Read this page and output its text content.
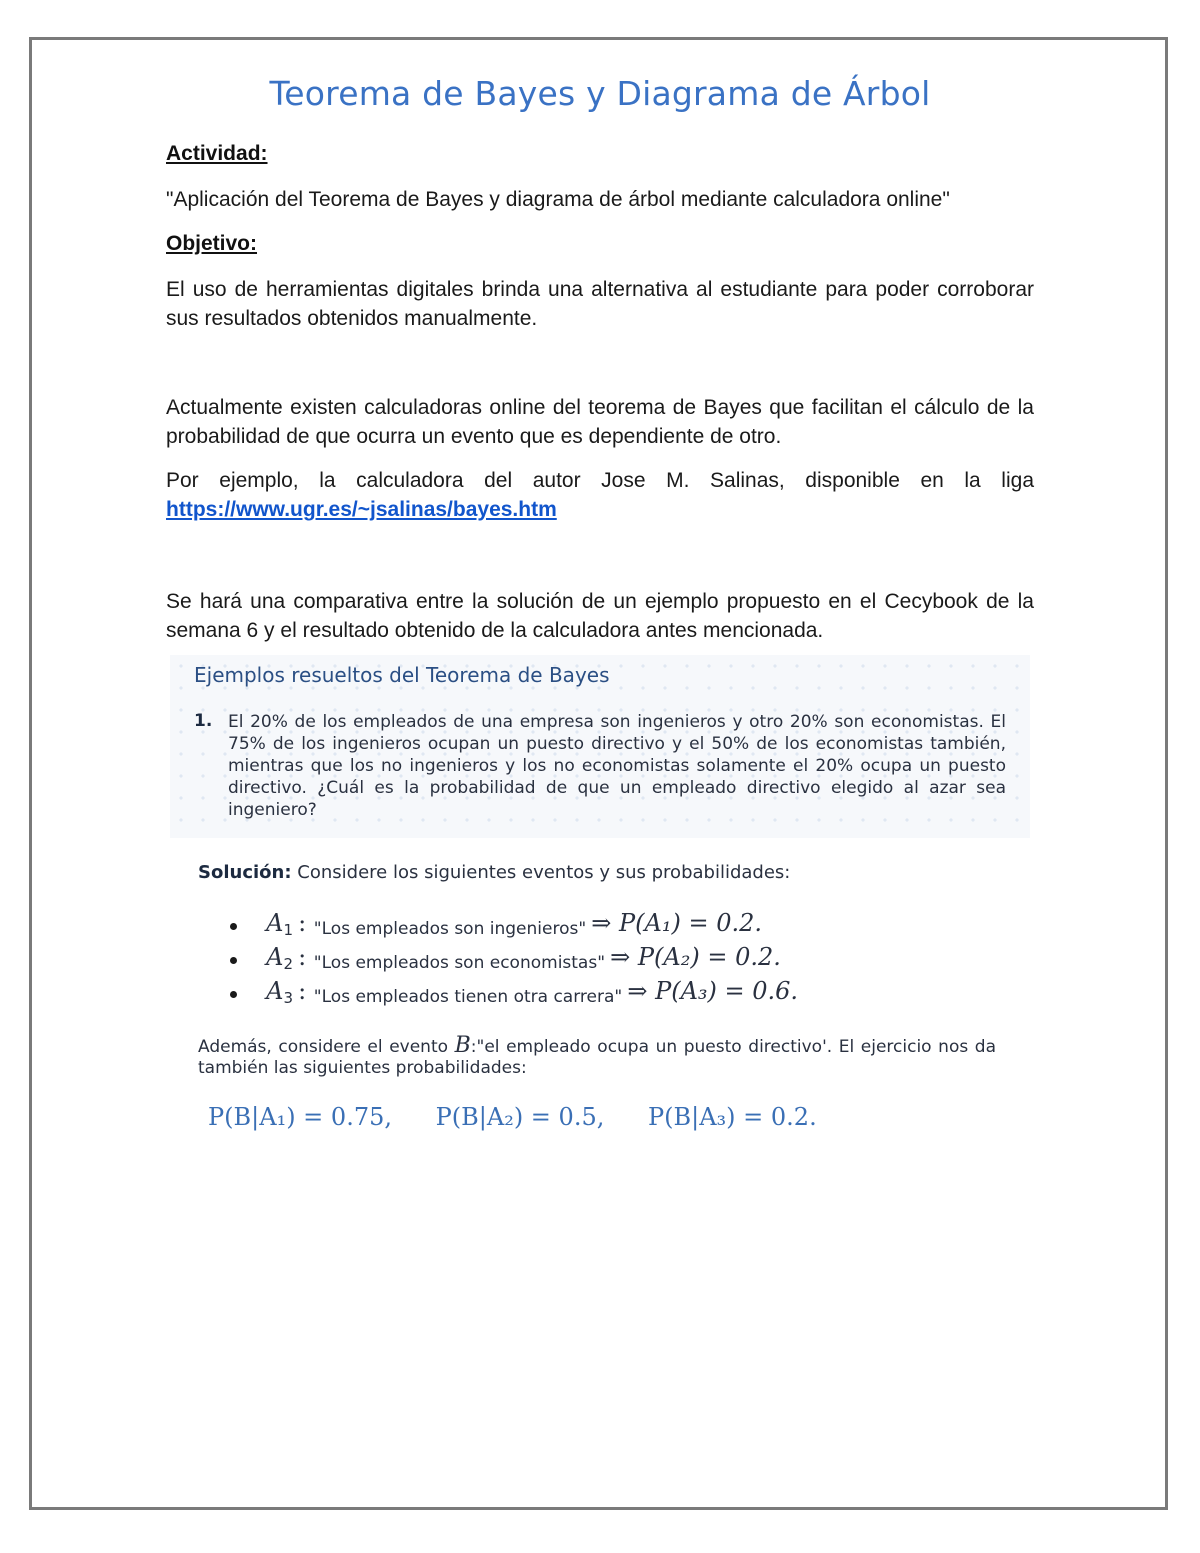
Teorema de Bayes y Diagrama de Árbol
Actividad:
"Aplicación del Teorema de Bayes y diagrama de árbol mediante calculadora online"
Objetivo:
El uso de herramientas digitales brinda una alternativa al estudiante para poder corroborar sus resultados obtenidos manualmente.
Actualmente existen calculadoras online del teorema de Bayes que facilitan el cálculo de la probabilidad de que ocurra un evento que es dependiente de otro.
Por ejemplo, la calculadora del autor Jose M. Salinas, disponible en la liga
https://www.ugr.es/~jsalinas/bayes.htm
Se hará una comparativa entre la solución de un ejemplo propuesto en el Cecybook de la semana 6 y el resultado obtenido de la calculadora antes mencionada.
Ejemplos resueltos del Teorema de Bayes
1. El 20% de los empleados de una empresa son ingenieros y otro 20% son economistas. El 75% de los ingenieros ocupan un puesto directivo y el 50% de los economistas también, mientras que los no ingenieros y los no economistas solamente el 20% ocupa un puesto directivo. ¿Cuál es la probabilidad de que un empleado directivo elegido al azar sea ingeniero?
Solución: Considere los siguientes eventos y sus probabilidades:
A1 : "Los empleados son ingenieros" ⇒ P(A₁) = 0.2.
A2 : "Los empleados son economistas" ⇒ P(A₂) = 0.2.
A3 : "Los empleados tienen otra carrera" ⇒ P(A₃) = 0.6.
Además, considere el evento B:"el empleado ocupa un puesto directivo'. El ejercicio nos da también las siguientes probabilidades:
P(B|A₁) = 0.75, P(B|A₂) = 0.5, P(B|A₃) = 0.2.
